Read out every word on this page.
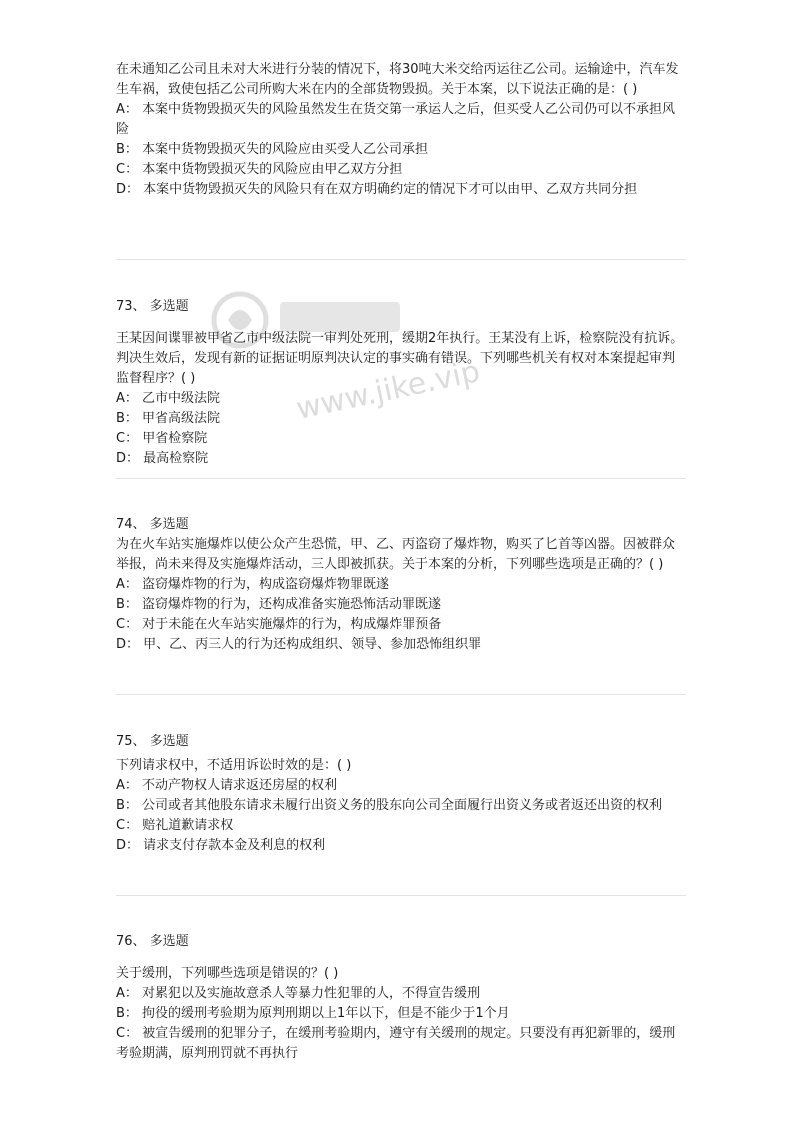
在未通知乙公司且未对大米进行分装的情况下，将30吨大米交给丙运往乙公司。运输途中，汽车发生车祸，致使包括乙公司所购大米在内的全部货物毁损。关于本案，以下说法正确的是：( )

A： 本案中货物毁损灭失的风险虽然发生在货交第一承运人之后，但买受人乙公司仍可以不承担风险

B： 本案中货物毁损灭失的风险应由买受人乙公司承担

C： 本案中货物毁损灭失的风险应由甲乙双方分担

D： 本案中货物毁损灭失的风险只有在双方明确约定的情况下才可以由甲、乙双方共同分担

73、 多选题

王某因间谍罪被甲省乙市中级法院一审判处死刑，缓期2年执行。王某没有上诉，检察院没有抗诉。判决生效后，发现有新的证据证明原判决认定的事实确有错误。下列哪些机关有权对本案提起审判监督程序？( )

A： 乙市中级法院

B： 甲省高级法院

C： 甲省检察院

D： 最高检察院

74、 多选题

为在火车站实施爆炸以使公众产生恐慌，甲、乙、丙盗窃了爆炸物，购买了匕首等凶器。因被群众举报，尚未来得及实施爆炸活动，三人即被抓获。关于本案的分析，下列哪些选项是正确的？( )

A： 盗窃爆炸物的行为，构成盗窃爆炸物罪既遂

B： 盗窃爆炸物的行为，还构成准备实施恐怖活动罪既遂

C： 对于未能在火车站实施爆炸的行为，构成爆炸罪预备

D： 甲、乙、丙三人的行为还构成组织、领导、参加恐怖组织罪

75、 多选题

下列请求权中，不适用诉讼时效的是：( )

A： 不动产物权人请求返还房屋的权利

B： 公司或者其他股东请求未履行出资义务的股东向公司全面履行出资义务或者返还出资的权利

C： 赔礼道歉请求权

D： 请求支付存款本金及利息的权利

76、 多选题

关于缓刑，下列哪些选项是错误的？( )

A： 对累犯以及实施故意杀人等暴力性犯罪的人，不得宣告缓刑

B： 拘役的缓刑考验期为原判刑期以上1年以下，但是不能少于1个月

C： 被宣告缓刑的犯罪分子，在缓刑考验期内，遵守有关缓刑的规定。只要没有再犯新罪的，缓刑考验期满，原判刑罚就不再执行

www.jike.vip
